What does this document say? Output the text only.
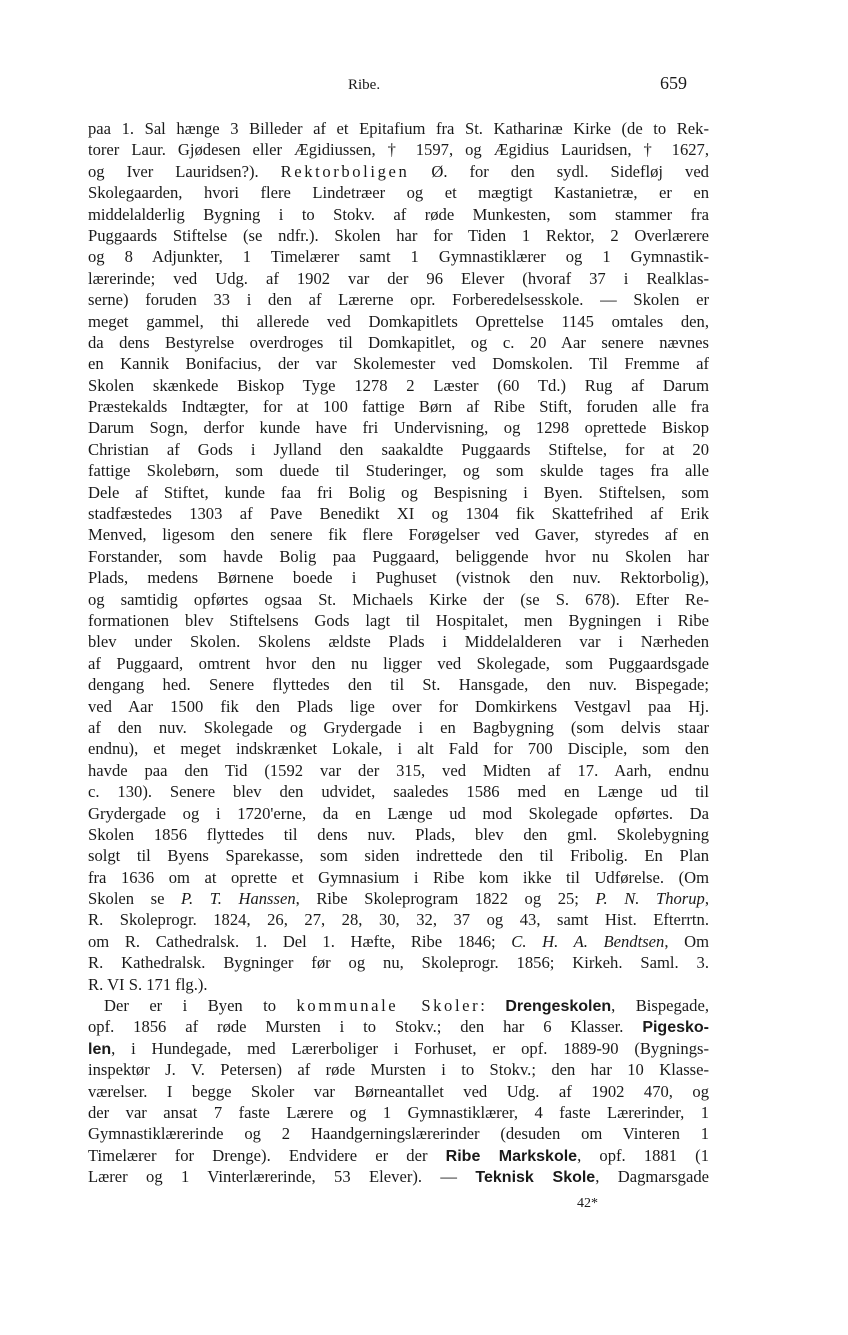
Ribe.	659
paa 1. Sal hænge 3 Billeder af et Epitafium fra St. Katharinæ Kirke (de to Rek-
torer Laur. Gjødesen eller Ægidiussen, † 1597, og Ægidius Lauridsen, † 1627,
og Iver Lauridsen?). Rektorboligen Ø. for den sydl. Sidefløj ved
Skolegaarden, hvori flere Lindetræer og et mægtigt Kastanietræ, er en
middelalderlig Bygning i to Stokv. af røde Munkesten, som stammer fra
Puggaards Stiftelse (se ndfr.). Skolen har for Tiden 1 Rektor, 2 Overlærere
og 8 Adjunkter, 1 Timelærer samt 1 Gymnastiklærer og 1 Gymnastik-
lærerinde; ved Udg. af 1902 var der 96 Elever (hvoraf 37 i Realklas-
serne) foruden 33 i den af Lærerne opr. Forberedelsesskole. — Skolen er
meget gammel, thi allerede ved Domkapitlets Oprettelse 1145 omtales den,
da dens Bestyrelse overdroges til Domkapitlet, og c. 20 Aar senere nævnes
en Kannik Bonifacius, der var Skolemester ved Domskolen. Til Fremme af
Skolen skænkede Biskop Tyge 1278 2 Læster (60 Td.) Rug af Darum
Præstekalds Indtægter, for at 100 fattige Børn af Ribe Stift, foruden alle fra
Darum Sogn, derfor kunde have fri Undervisning, og 1298 oprettede Biskop
Christian af Gods i Jylland den saakaldte Puggaards Stiftelse, for at 20
fattige Skolebørn, som duede til Studeringer, og som skulde tages fra alle
Dele af Stiftet, kunde faa fri Bolig og Bespisning i Byen. Stiftelsen, som
stadfæstedes 1303 af Pave Benedikt XI og 1304 fik Skattefrihed af Erik
Menved, ligesom den senere fik flere Forøgelser ved Gaver, styredes af en
Forstander, som havde Bolig paa Puggaard, beliggende hvor nu Skolen har
Plads, medens Børnene boede i Pughuset (vistnok den nuv. Rektorbolig),
og samtidig opførtes ogsaa St. Michaels Kirke der (se S. 678). Efter Re-
formationen blev Stiftelsens Gods lagt til Hospitalet, men Bygningen i Ribe
blev under Skolen. Skolens ældste Plads i Middelalderen var i Nærheden
af Puggaard, omtrent hvor den nu ligger ved Skolegade, som Puggaardsgade
dengang hed. Senere flyttedes den til St. Hansgade, den nuv. Bispegade;
ved Aar 1500 fik den Plads lige over for Domkirkens Vestgavl paa Hj.
af den nuv. Skolegade og Grydergade i en Bagbygning (som delvis staar
endnu), et meget indskrænket Lokale, i alt Fald for 700 Disciple, som den
havde paa den Tid (1592 var der 315, ved Midten af 17. Aarh, endnu
c. 130). Senere blev den udvidet, saaledes 1586 med en Længe ud til
Grydergade og i 1720'erne, da en Længe ud mod Skolegade opførtes. Da
Skolen 1856 flyttedes til dens nuv. Plads, blev den gml. Skolebygning
solgt til Byens Sparekasse, som siden indrettede den til Fribolig. En Plan
fra 1636 om at oprette et Gymnasium i Ribe kom ikke til Udførelse. (Om
Skolen se P. T. Hanssen, Ribe Skoleprogram 1822 og 25; P. N. Thorup,
R. Skoleprogr. 1824, 26, 27, 28, 30, 32, 37 og 43, samt Hist. Efterrtn.
om R. Cathedralsk. 1. Del 1. Hæfte, Ribe 1846; C. H. A. Bendtsen, Om
R. Kathedralsk. Bygninger før og nu, Skoleprogr. 1856; Kirkeh. Saml. 3.
R. VI S. 171 flg.).
Der er i Byen to kommunale Skoler: Drengeskolen, Bispegade,
opf. 1856 af røde Mursten i to Stokv.; den har 6 Klasser. Pigesko-
len, i Hundegade, med Lærerboliger i Forhuset, er opf. 1889-90 (Bygnings-
inspektør J. V. Petersen) af røde Mursten i to Stokv.; den har 10 Klasse-
værelser. I begge Skoler var Børneantallet ved Udg. af 1902 470, og
der var ansat 7 faste Lærere og 1 Gymnastiklærer, 4 faste Lærerinder, 1
Gymnastiklærerinde og 2 Haandgerningslærerinder (desuden om Vinteren 1
Timelærer for Drenge). Endvidere er der Ribe Markskole, opf. 1881 (1
Lærer og 1 Vinterlærerinde, 53 Elever). — Teknisk Skole, Dagmarsgade
42*
